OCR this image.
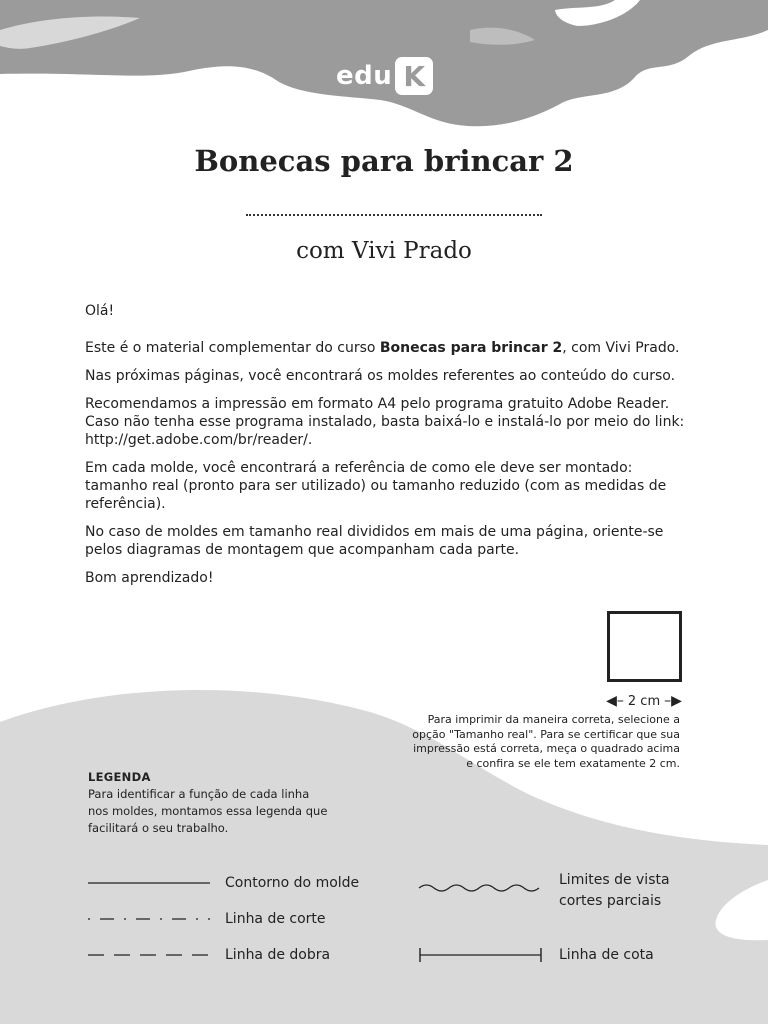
edu K
Bonecas para brincar 2
com Vivi Prado

Olá!

Este é o material complementar do curso Bonecas para brincar 2, com Vivi Prado.

Nas próximas páginas, você encontrará os moldes referentes ao conteúdo do curso.

Recomendamos a impressão em formato A4 pelo programa gratuito Adobe Reader. Caso não tenha esse programa instalado, basta baixá-lo e instalá-lo por meio do link: http://get.adobe.com/br/reader/.

Em cada molde, você encontrará a referência de como ele deve ser montado: tamanho real (pronto para ser utilizado) ou tamanho reduzido (com as medidas de referência).

No caso de moldes em tamanho real divididos em mais de uma página, oriente-se pelos diagramas de montagem que acompanham cada parte.

Bom aprendizado!

◀– 2 cm –▶
Para imprimir da maneira correta, selecione a opção "Tamanho real". Para se certificar que sua impressão está correta, meça o quadrado acima e confira se ele tem exatamente 2 cm.
LEGENDA
Para identificar a função de cada linha nos moldes, montamos essa legenda que facilitará o seu trabalho.
Contorno do molde
Linha de corte
Linha de dobra
Limites de vista cortes parciais
Linha de cota
